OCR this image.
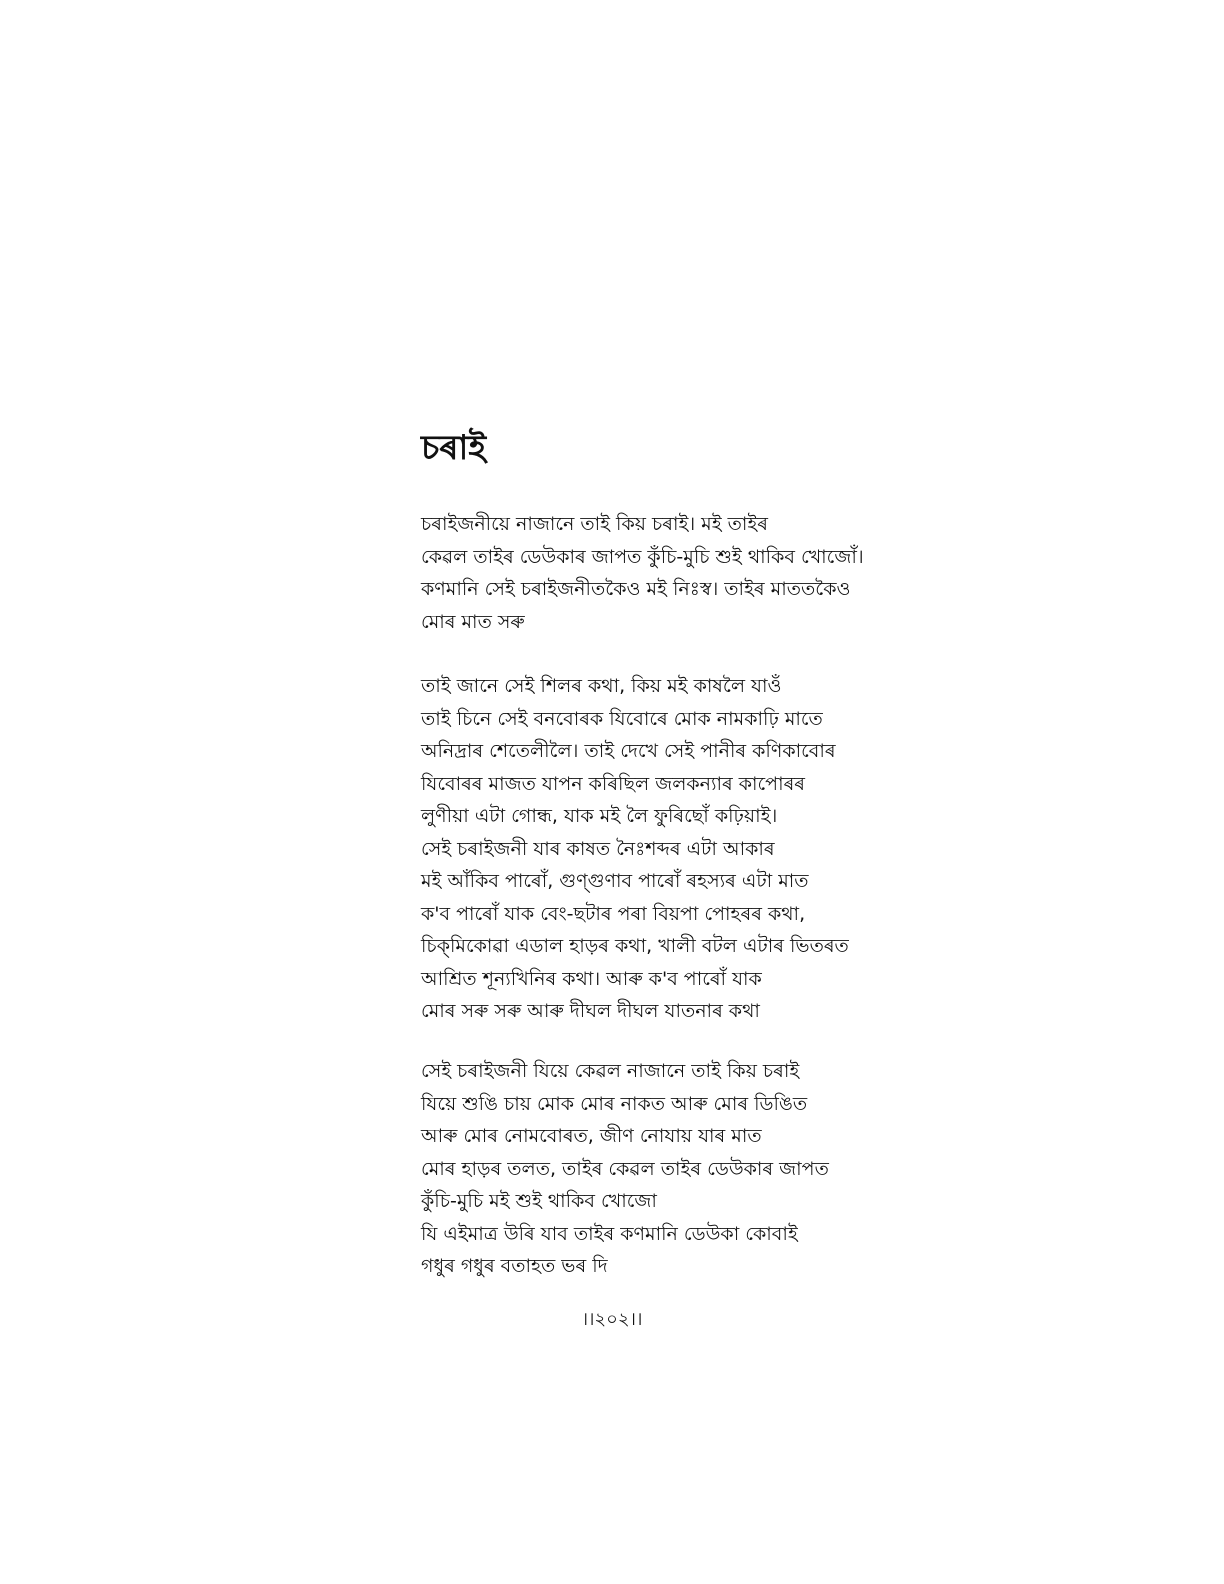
চৰাই
চৰাইজনীয়ে নাজানে তাই কিয় চৰাই। মই তাইৰ
কেৱল তাইৰ ডেউকাৰ জাপত কুঁচি-মুচি শুই থাকিব খোজোঁ।
কণমানি সেই চৰাইজনীতকৈও মই নিঃস্ব। তাইৰ মাততকৈও
মোৰ মাত সৰু
তাই জানে সেই শিলৰ কথা, কিয় মই কাষলৈ যাওঁ
তাই চিনে সেই বনবোৰক যিবোৰে মোক নামকাঢ়ি মাতে
অনিদ্ৰাৰ শেতেলীলৈ। তাই দেখে সেই পানীৰ কণিকাবোৰ
যিবোৰৰ মাজত যাপন কৰিছিল জলকন্যাৰ কাপোৰৰ
লুণীয়া এটা গোন্ধ, যাক মই লৈ ফুৰিছোঁ কঢ়িয়াই।
সেই চৰাইজনী যাৰ কাষত নৈঃশব্দৰ এটা আকাৰ
মই আঁকিব পাৰোঁ, গুণ্‌গুণাব পাৰোঁ ৰহস্যৰ এটা মাত
ক'ব পাৰোঁ যাক বেং-ছটাৰ পৰা বিয়পা পোহৰৰ কথা,
চিক্‌মিকোৱা এডাল হাড়ৰ কথা, খালী বটল এটাৰ ভিতৰত
আশ্ৰিত শূন্যখিনিৰ কথা। আৰু ক'ব পাৰোঁ যাক
মোৰ সৰু সৰু আৰু দীঘল দীঘল যাতনাৰ কথা
সেই চৰাইজনী যিয়ে কেৱল নাজানে তাই কিয় চৰাই
যিয়ে শুঙি চায় মোক মোৰ নাকত আৰু মোৰ ডিঙিত
আৰু মোৰ নোমবোৰত, জীণ নোযায় যাৰ মাত
মোৰ হাড়ৰ তলত, তাইৰ কেৱল তাইৰ ডেউকাৰ জাপত
কুঁচি-মুচি মই শুই থাকিব খোজো
যি এইমাত্ৰ উৰি যাব তাইৰ কণমানি ডেউকা কোবাই
গধুৰ গধুৰ বতাহত ভৰ দি
।।২০২।।
